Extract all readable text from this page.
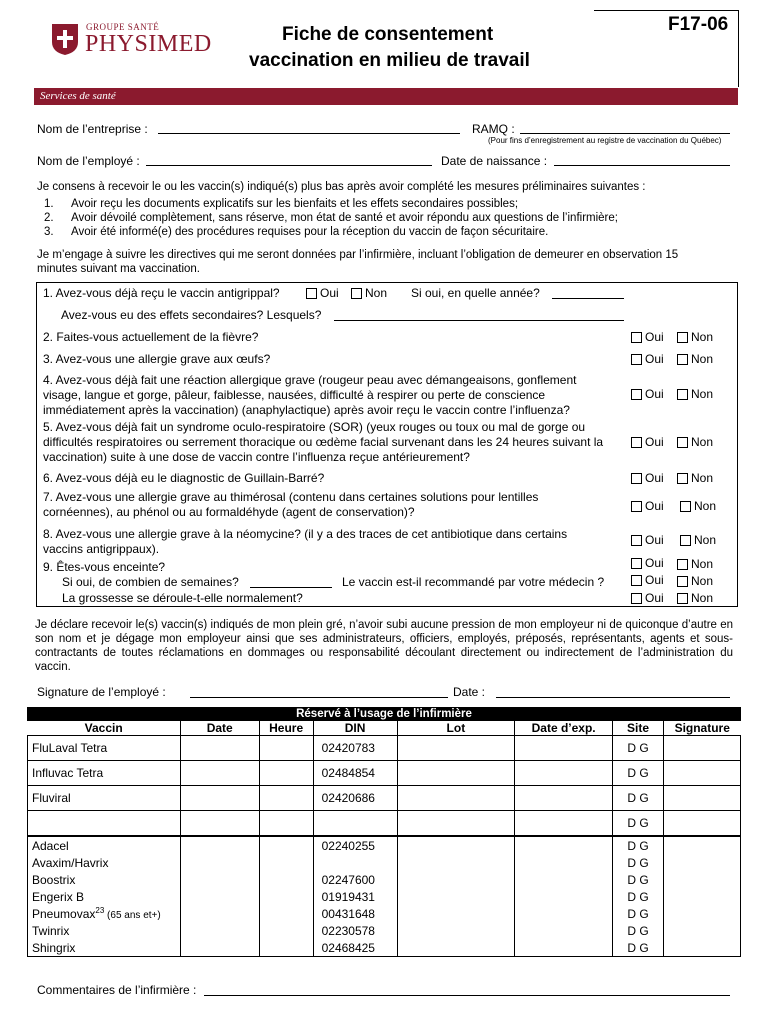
GROUPE SANTÉ
PHYSIMED	Fiche de consentement
vaccination en milieu de travail
F17-06
Services de santé
Nom de l’entreprise :	RAMQ :
(Pour fins d’enregistrement au registre de vaccination du Québec)
Nom de l’employé :	Date de naissance :
Je consens à recevoir le ou les vaccin(s) indiqué(s) plus bas après avoir complété les mesures préliminaires suivantes :
1. Avoir reçu les documents explicatifs sur les bienfaits et les effets secondaires possibles;
2. Avoir dévoilé complètement, sans réserve, mon état de santé et avoir répondu aux questions de l’infirmière;
3. Avoir été informé(e) des procédures requises pour la réception du vaccin de façon sécuritaire.
Je m’engage à suivre les directives qui me seront données par l’infirmière, incluant l’obligation de demeurer en observation 15 minutes suivant ma vaccination.
1. Avez-vous déjà reçu le vaccin antigrippal?	Oui	Non Si oui, en quelle année?
Avez-vous eu des effets secondaires? Lesquels?
2. Faites-vous actuellement de la fièvre?	Oui	Non
3. Avez-vous une allergie grave aux œufs?	Oui	Non
4. Avez-vous déjà fait une réaction allergique grave (rougeur peau avec démangeaisons, gonflement visage, langue et gorge, pâleur, faiblesse, nausées, difficulté à respirer ou perte de conscience immédiatement après la vaccination) (anaphylactique) après avoir reçu le vaccin contre l’influenza?
Oui	Non
5. Avez-vous déjà fait un syndrome oculo-respiratoire (SOR) (yeux rouges ou toux ou mal de gorge ou difficultés respiratoires ou serrement thoracique ou œdème facial survenant dans les 24 heures suivant la vaccination) suite à une dose de vaccin contre l’influenza reçue antérieurement?
Oui	Non
6. Avez-vous déjà eu le diagnostic de Guillain-Barré?	Oui	Non
7. Avez-vous une allergie grave au thimérosal (contenu dans certaines solutions pour lentilles cornéennes), au phénol ou au formaldéhyde (agent de conservation)?	Oui	Non
8. Avez-vous une allergie grave à la néomycine? (il y a des traces de cet antibiotique dans certains vaccins antigrippaux).
Oui	Non
9. Êtes-vous enceinte?	Oui	Non
Si oui, de combien de semaines?	Le vaccin est-il recommandé par votre médecin ?	Oui	Non
La grossesse se déroule-t-elle normalement?	Oui	Non
Je déclare recevoir le(s) vaccin(s) indiqués de mon plein gré, n’avoir subi aucune pression de mon employeur ni de quiconque d’autre en son nom et je dégage mon employeur ainsi que ses administrateurs, officiers, employés, préposés, représentants, agents et sous-contractants de toutes réclamations en dommages ou responsabilité découlant directement ou indirectement de l’administration du vaccin.
Signature de l’employé :	Date :
Réservé à l’usage de l’infirmière
Vaccin	Date	Heure	DIN	Lot	Date d’exp.	Site	Signature
FluLaval Tetra			02420783			D G	
Influvac Tetra			02484854			D G	
Fluviral			02420686			D G	
						D G	
Adacel			02240255			D G	
Avaxim/Havrix						D G	
Boostrix			02247600			D G	
Engerix B			01919431			D G	
Pneumovax$^{23}$ (65 ans et+)			00431648			D G	
Twinrix			02230578			D G	
Shingrix			02468425			D G	
Commentaires de l’infirmière :
